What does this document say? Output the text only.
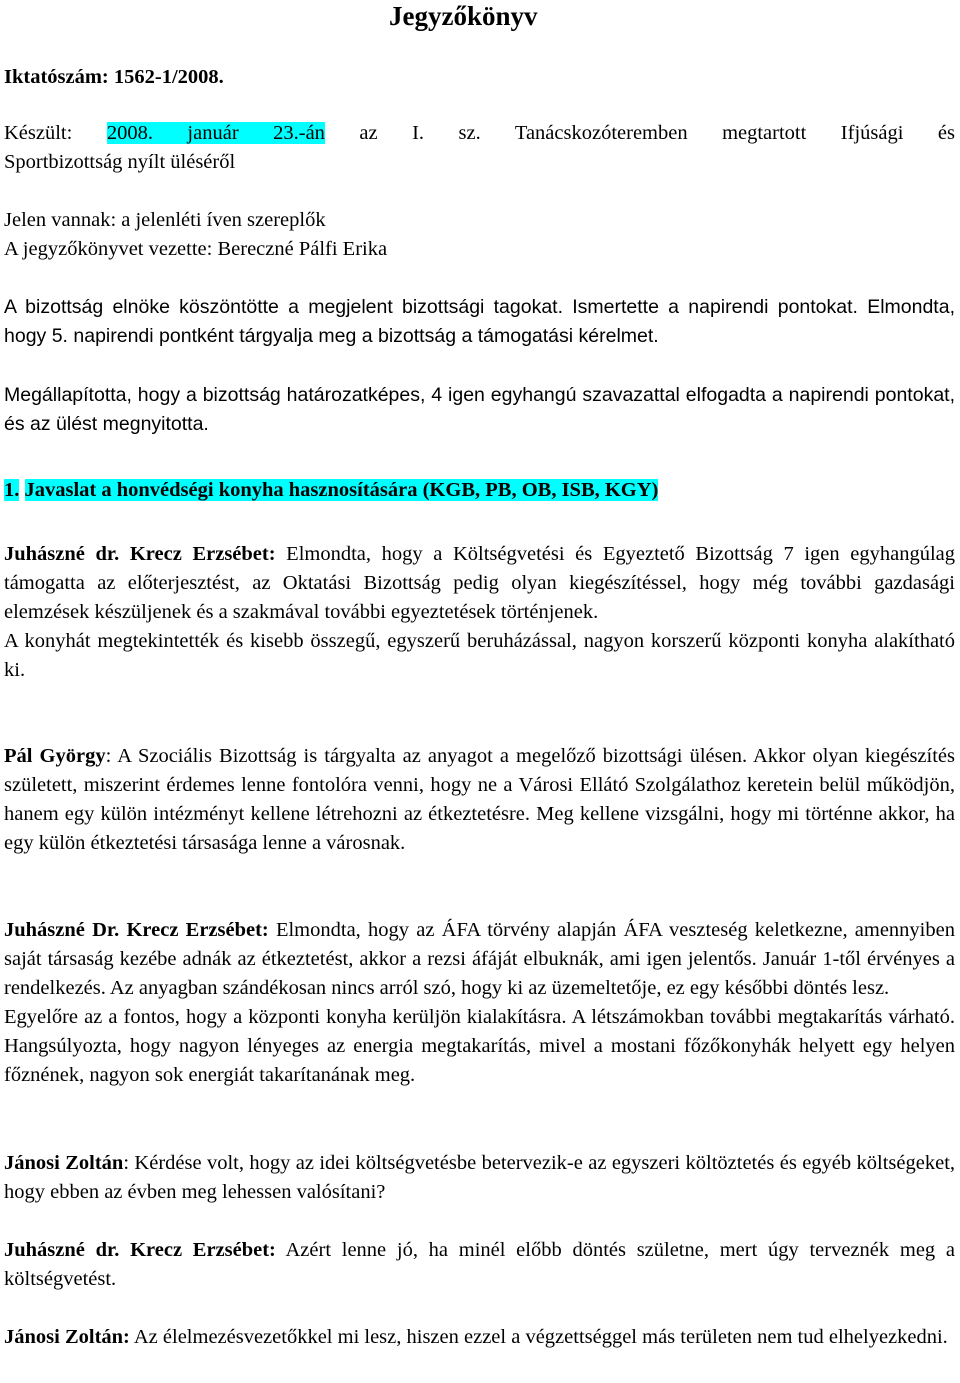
Jegyzőkönyv
Iktatószám: 1562-1/2008.
Készült: 2008. január 23.-án az I. sz. Tanácskozóteremben megtartott Ifjúsági és
Sportbizottság nyílt üléséről
Jelen vannak: a jelenléti íven szereplők
A jegyzőkönyvet vezette: Bereczné Pálfi Erika
A bizottság elnöke köszöntötte a megjelent bizottsági tagokat. Ismertette a napirendi pontokat. Elmondta, hogy 5. napirendi pontként tárgyalja meg a bizottság a támogatási kérelmet.
Megállapította, hogy a bizottság határozatképes, 4 igen egyhangú szavazattal elfogadta a napirendi pontokat, és az ülést megnyitotta.
1. Javaslat a honvédségi konyha hasznosítására (KGB, PB, OB, ISB, KGY)
Juhászné dr. Krecz Erzsébet: Elmondta, hogy a Költségvetési és Egyeztető Bizottság 7 igen egyhangúlag támogatta az előterjesztést, az Oktatási Bizottság pedig olyan kiegészítéssel, hogy még további gazdasági elemzések készüljenek és a szakmával további egyeztetések történjenek.
A konyhát megtekintették és kisebb összegű, egyszerű beruházással, nagyon korszerű központi konyha alakítható ki.
Pál György: A Szociális Bizottság is tárgyalta az anyagot a megelőző bizottsági ülésen. Akkor olyan kiegészítés született, miszerint érdemes lenne fontolóra venni, hogy ne a Városi Ellátó Szolgálathoz keretein belül működjön, hanem egy külön intézményt kellene létrehozni az étkeztetésre. Meg kellene vizsgálni, hogy mi történne akkor, ha egy külön étkeztetési társasága lenne a városnak.
Juhászné Dr. Krecz Erzsébet: Elmondta, hogy az ÁFA törvény alapján ÁFA veszteség keletkezne, amennyiben saját társaság kezébe adnák az étkeztetést, akkor a rezsi áfáját elbuknák, ami igen jelentős. Január 1-től érvényes a rendelkezés. Az anyagban szándékosan nincs arról szó, hogy ki az üzemeltetője, ez egy későbbi döntés lesz.
Egyelőre az a fontos, hogy a központi konyha kerüljön kialakításra. A létszámokban további megtakarítás várható. Hangsúlyozta, hogy nagyon lényeges az energia megtakarítás, mivel a mostani főzőkonyhák helyett egy helyen főznének, nagyon sok energiát takarítanának meg.
Jánosi Zoltán: Kérdése volt, hogy az idei költségvetésbe betervezik-e az egyszeri költöztetés és egyéb költségeket, hogy ebben az évben meg lehessen valósítani?
Juhászné dr. Krecz Erzsébet: Azért lenne jó, ha minél előbb döntés születne, mert úgy terveznék meg a költségvetést.
Jánosi Zoltán: Az élelmezésvezetőkkel mi lesz, hiszen ezzel a végzettséggel más területen nem tud elhelyezkedni.
